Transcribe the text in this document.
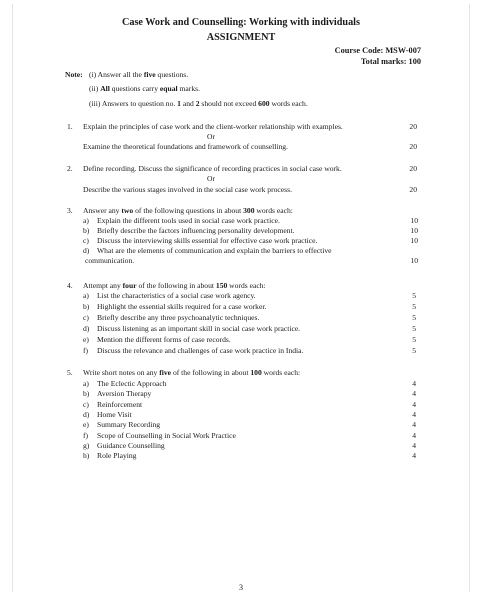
Case Work and Counselling: Working with individuals
ASSIGNMENT
Course Code: MSW-007
Total marks: 100
Note: (i) Answer all the five questions.
(ii) All questions carry equal marks.
(iii) Answers to question no. 1 and 2 should not exceed 600 words each.
1. Explain the principles of case work and the client-worker relationship with examples.	20
Or
Examine the theoretical foundations and framework of counselling.	20
2. Define recording. Discuss the significance of recording practices in social case work.	20
Or
Describe the various stages involved in the social case work process.	20
3. Answer any two of the following questions in about 300 words each:
a) Explain the different tools used in social case work practice.	10
b) Briefly describe the factors influencing personality development.	10
c) Discuss the interviewing skills essential for effective case work practice.	10
d) What are the elements of communication and explain the barriers to effective
communication.	10
4. Attempt any four of the following in about 150 words each:
a) List the characteristics of a social case work agency.	5
b) Highlight the essential skills required for a case worker.	5
c) Briefly describe any three psychoanalytic techniques.	5
d) Discuss listening as an important skill in social case work practice.	5
e) Mention the different forms of case records.	5
f) Discuss the relevance and challenges of case work practice in India.	5
5. Write short notes on any five of the following in about 100 words each:
a) The Eclectic Approach	4
b) Aversion Therapy	4
c) Reinforcement	4
d) Home Visit	4
e) Summary Recording	4
f) Scope of Counselling in Social Work Practice	4
g) Guidance Counselling	4
h) Role Playing	4
3
